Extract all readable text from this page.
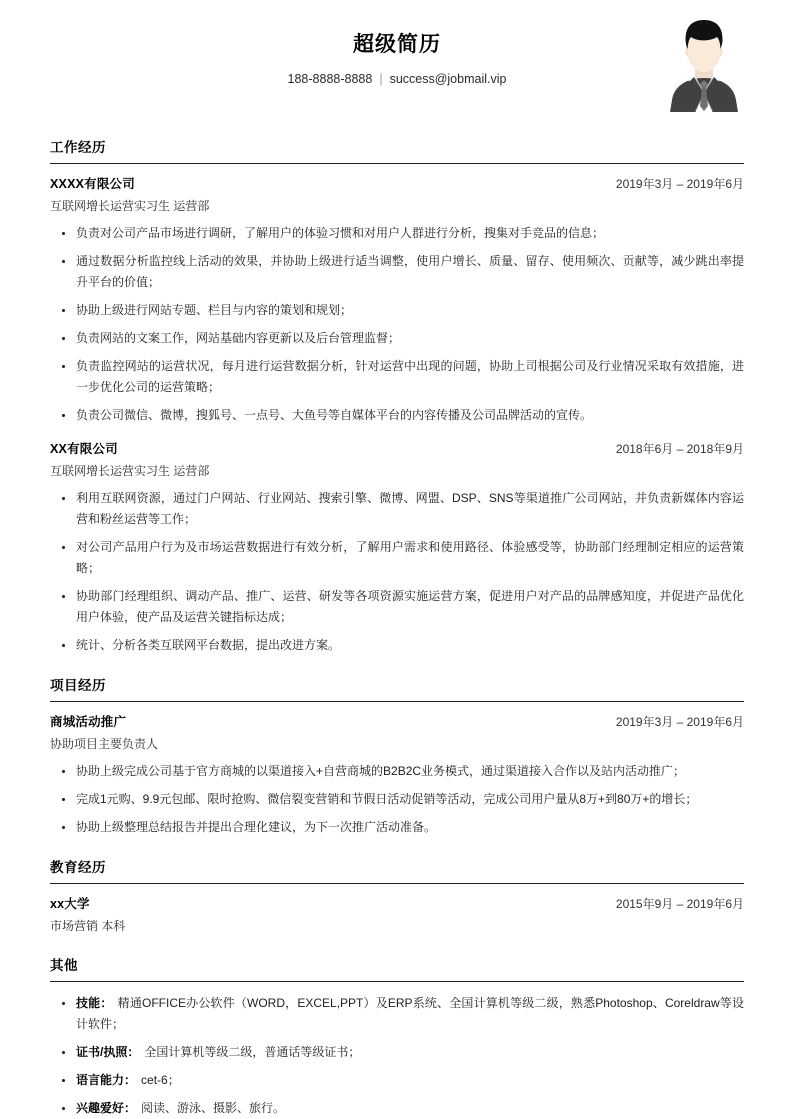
超级简历
188-8888-8888 | success@jobmail.vip
工作经历
XXXX有限公司	2019年3月 – 2019年6月
互联网增长运营实习生 运营部
负责对公司产品市场进行调研，了解用户的体验习惯和对用户人群进行分析，搜集对手竞品的信息；
通过数据分析监控线上活动的效果，并协助上级进行适当调整，使用户增长、质量、留存、使用频次、贡献等，减少跳出率提升平台的价值；
协助上级进行网站专题、栏目与内容的策划和规划；
负责网站的文案工作，网站基础内容更新以及后台管理监督；
负责监控网站的运营状况，每月进行运营数据分析，针对运营中出现的问题，协助上司根据公司及行业情况采取有效措施，进一步优化公司的运营策略；
负责公司微信、微博，搜狐号、一点号、大鱼号等自媒体平台的内容传播及公司品牌活动的宣传。
XX有限公司	2018年6月 – 2018年9月
互联网增长运营实习生 运营部
利用互联网资源，通过门户网站、行业网站、搜索引擎、微博、网盟、DSP、SNS等渠道推广公司网站，并负责新媒体内容运营和粉丝运营等工作；
对公司产品用户行为及市场运营数据进行有效分析，了解用户需求和使用路径、体验感受等，协助部门经理制定相应的运营策略；
协助部门经理组织、调动产品、推广、运营、研发等各项资源实施运营方案，促进用户对产品的品牌感知度，并促进产品优化用户体验，使产品及运营关键指标达成；
统计、分析各类互联网平台数据，提出改进方案。
项目经历
商城活动推广	2019年3月 – 2019年6月
协助项目主要负责人
协助上级完成公司基于官方商城的以渠道接入+自营商城的B2B2C业务模式，通过渠道接入合作以及站内活动推广；
完成1元购、9.9元包邮、限时抢购、微信裂变营销和节假日活动促销等活动，完成公司用户量从8万+到80万+的增长；
协助上级整理总结报告并提出合理化建议，为下一次推广活动准备。
教育经历
xx大学	2015年9月 – 2019年6月
市场营销 本科
其他
技能： 精通OFFICE办公软件（WORD，EXCEL,PPT）及ERP系统、全国计算机等级二级，熟悉Photoshop、Coreldraw等设计软件；
证书/执照： 全国计算机等级二级，普通话等级证书；
语言能力： cet-6；
兴趣爱好： 阅读、游泳、摄影、旅行。
